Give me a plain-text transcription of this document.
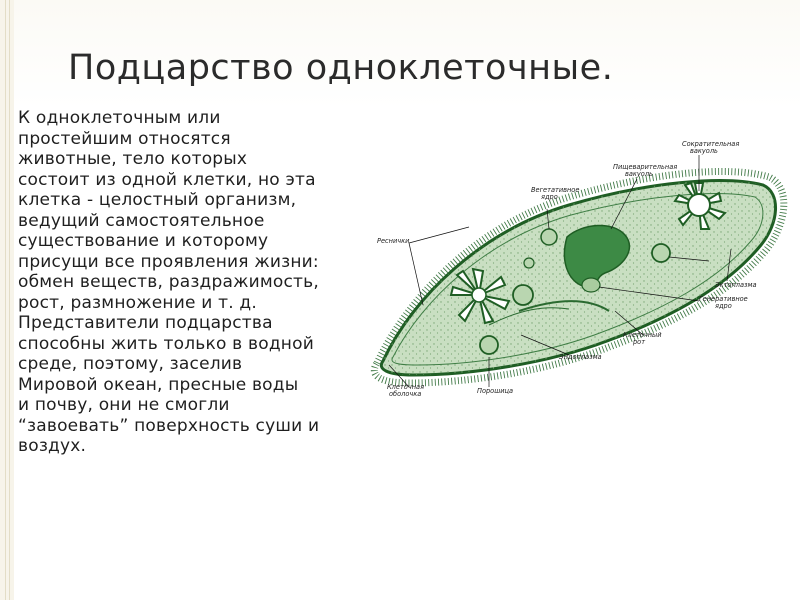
Подцарство одноклеточные.
К одноклеточным или
простейшим относятся
животные, тело которых
состоит из одной клетки, но эта
клетка - целостный организм,
ведущий самостоятельное
существование и которому
присущи все проявления жизни:
обмен веществ, раздражимость,
рост, размножение и т. д.
Представители подцарства
способны жить только в водной
среде, поэтому, заселив
Мировой океан, пресные воды
и почву, они не смогли
“завоевать” поверхность суши и
воздух.
Сократительная
вакуоль
Пищеварительная
вакуоль
Вегетативное
ядро
Реснички
Эктоплазма
Генеративное
ядро
Клеточный
рот
Эндоплазма
Клеточная
оболочка	Порошица
